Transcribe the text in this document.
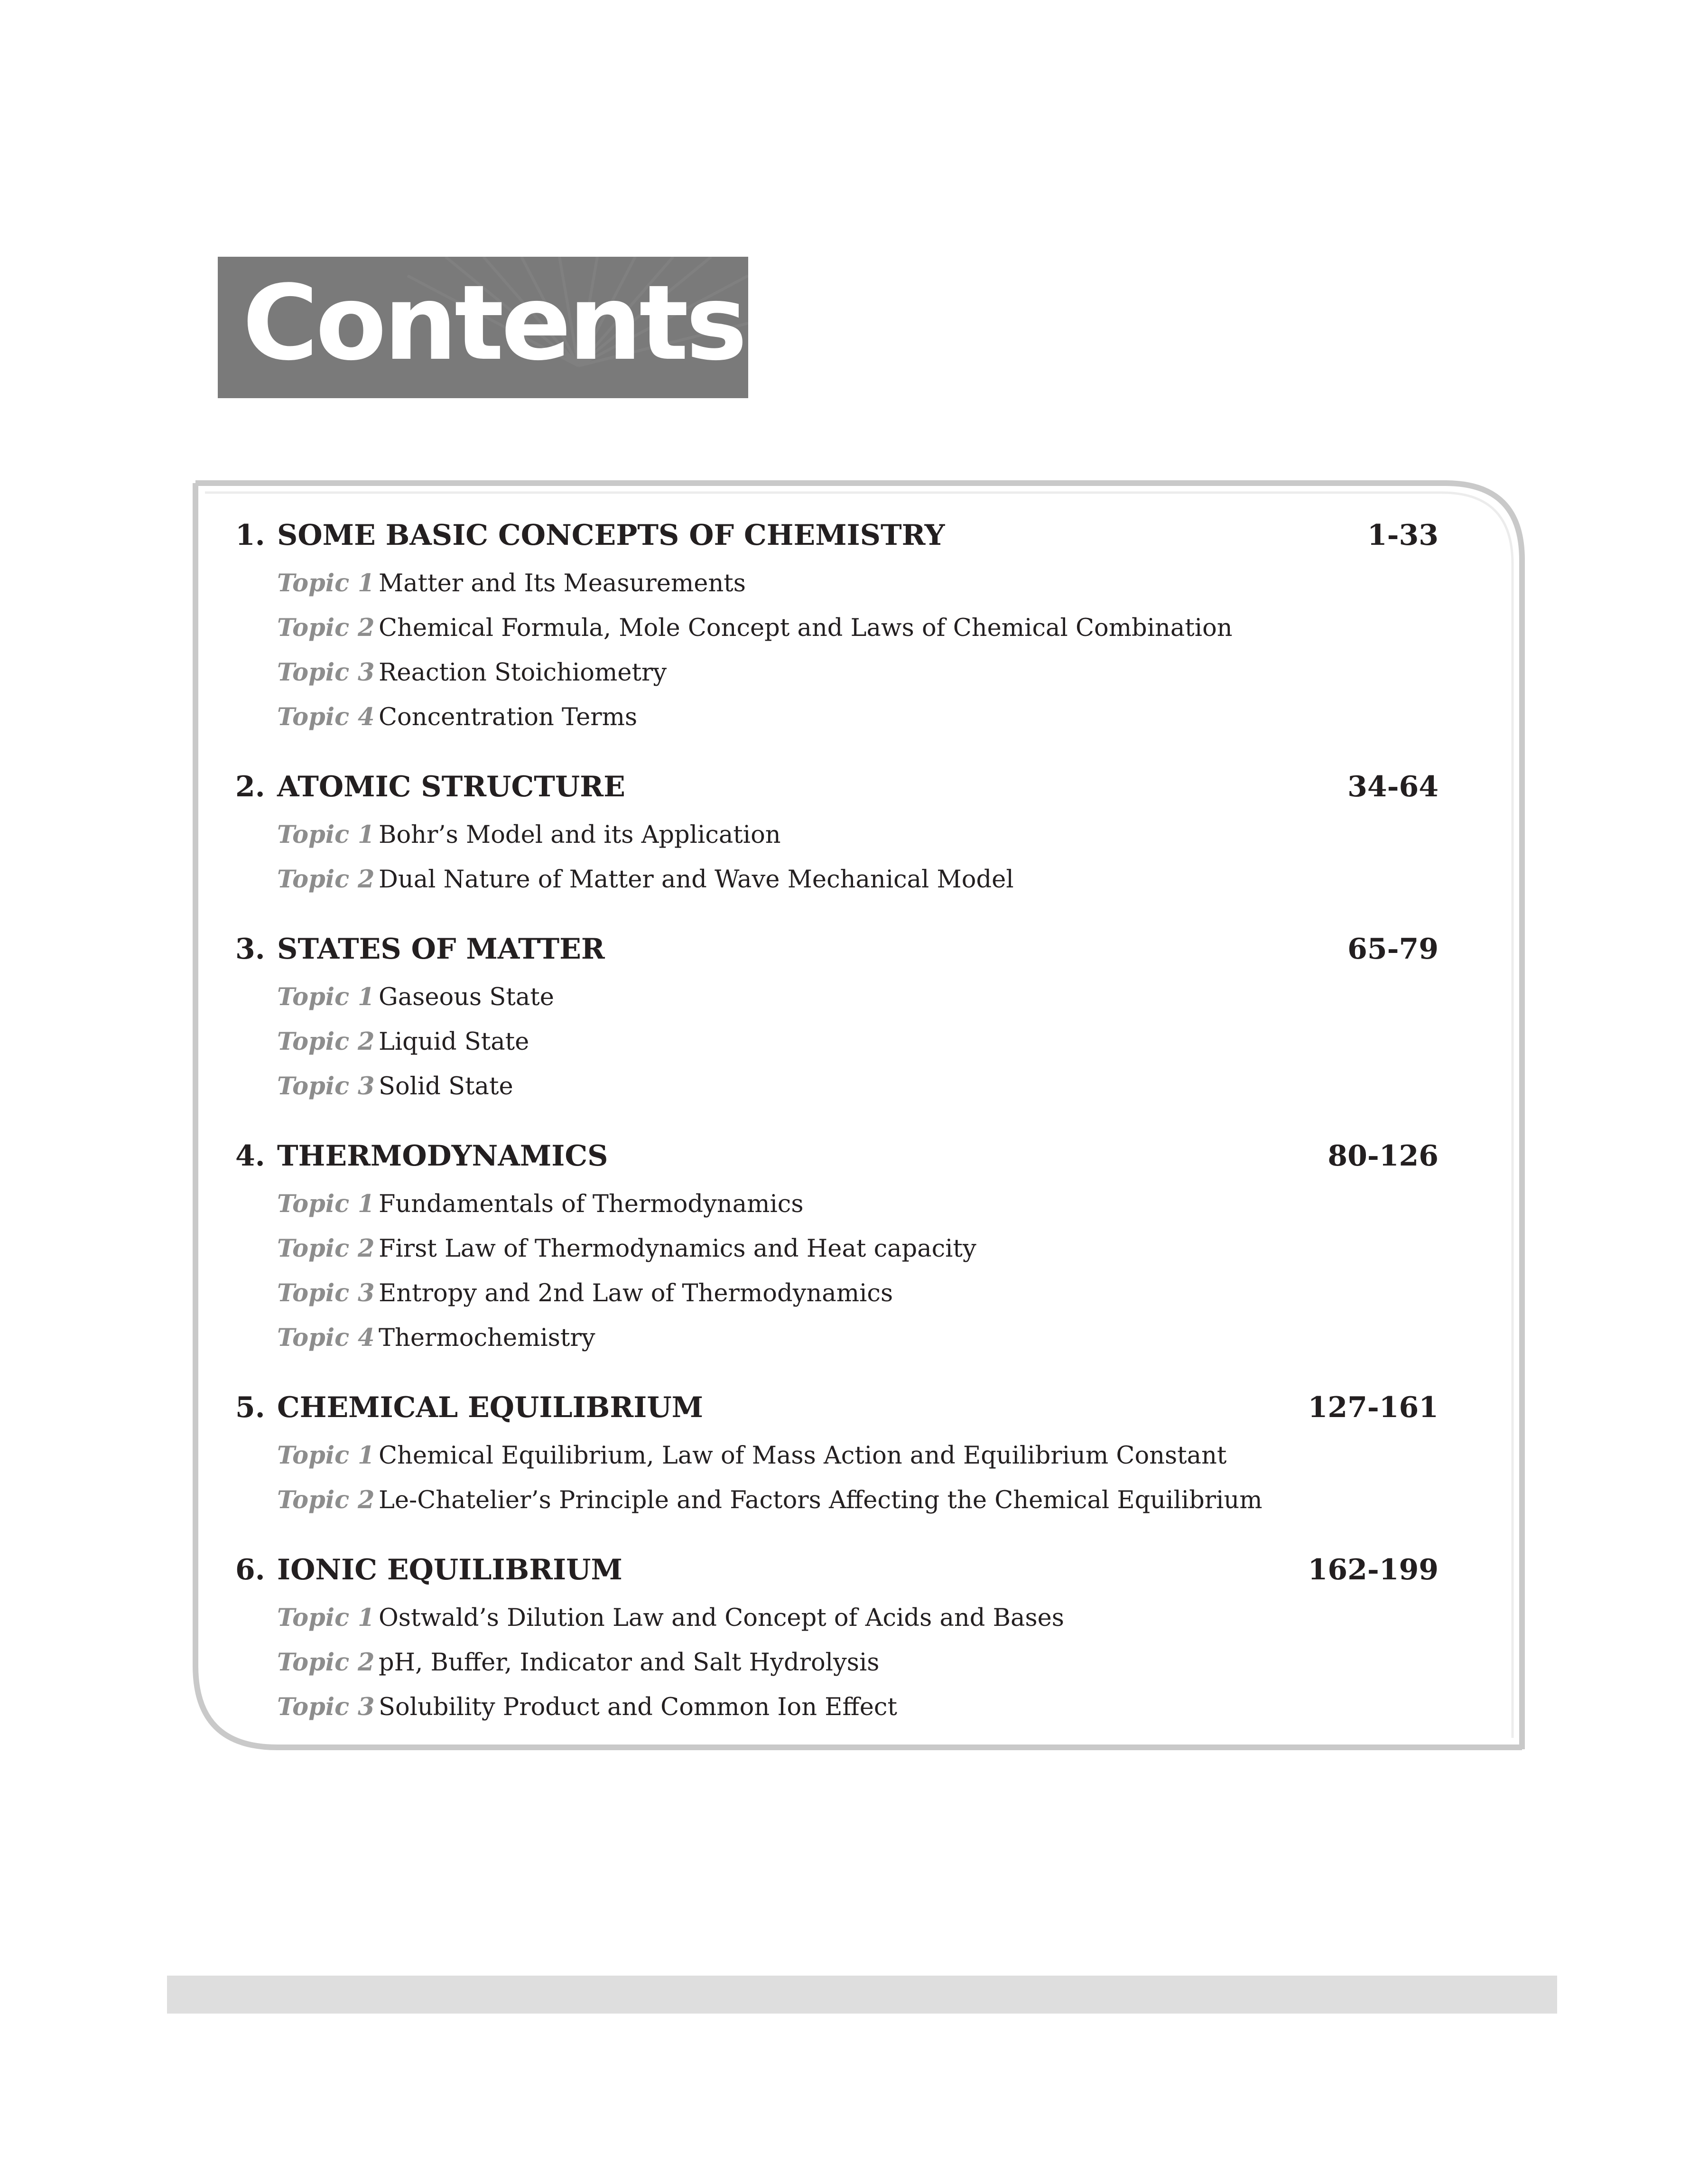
Contents
1. SOME BASIC CONCEPTS OF CHEMISTRY	1-33
Topic 1 Matter and Its Measurements
Topic 2 Chemical Formula, Mole Concept and Laws of Chemical Combination
Topic 3 Reaction Stoichiometry
Topic 4 Concentration Terms
2. ATOMIC STRUCTURE	34-64
Topic 1 Bohr’s Model and its Application
Topic 2 Dual Nature of Matter and Wave Mechanical Model
3. STATES OF MATTER	65-79
Topic 1 Gaseous State
Topic 2 Liquid State
Topic 3 Solid State
4. THERMODYNAMICS	80-126
Topic 1 Fundamentals of Thermodynamics
Topic 2 First Law of Thermodynamics and Heat capacity
Topic 3 Entropy and 2nd Law of Thermodynamics
Topic 4 Thermochemistry
5. CHEMICAL EQUILIBRIUM	127-161
Topic 1 Chemical Equilibrium, Law of Mass Action and Equilibrium Constant
Topic 2 Le-Chatelier’s Principle and Factors Affecting the Chemical Equilibrium
6. IONIC EQUILIBRIUM	162-199
Topic 1 Ostwald’s Dilution Law and Concept of Acids and Bases
Topic 2 pH, Buffer, Indicator and Salt Hydrolysis
Topic 3 Solubility Product and Common Ion Effect
